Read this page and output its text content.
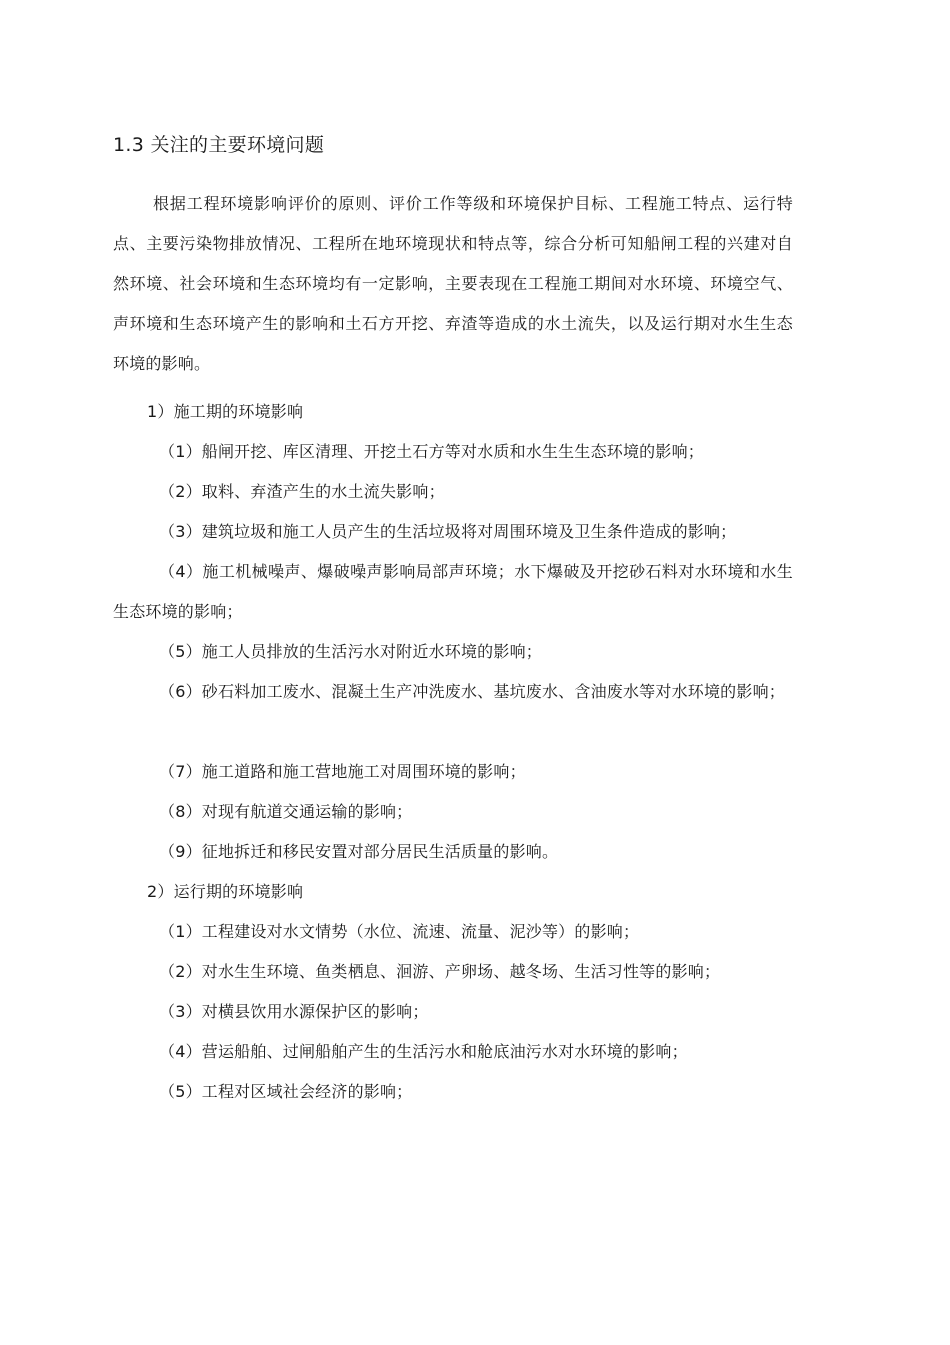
1.3 关注的主要环境问题
根据工程环境影响评价的原则、评价工作等级和环境保护目标、工程施工特点、运行特点、主要污染物排放情况、工程所在地环境现状和特点等，综合分析可知船闸工程的兴建对自然环境、社会环境和生态环境均有一定影响，主要表现在工程施工期间对水环境、环境空气、声环境和生态环境产生的影响和土石方开挖、弃渣等造成的水土流失，以及运行期对水生生态环境的影响。
1）施工期的环境影响
（1）船闸开挖、库区清理、开挖土石方等对水质和水生生生态环境的影响；
（2）取料、弃渣产生的水土流失影响；
（3）建筑垃圾和施工人员产生的生活垃圾将对周围环境及卫生条件造成的影响；
（4）施工机械噪声、爆破噪声影响局部声环境；水下爆破及开挖砂石料对水环境和水生生态环境的影响；
（5）施工人员排放的生活污水对附近水环境的影响；
（6）砂石料加工废水、混凝土生产冲洗废水、基坑废水、含油废水等对水环境的影响；
（7）施工道路和施工营地施工对周围环境的影响；
（8）对现有航道交通运输的影响；
（9）征地拆迁和移民安置对部分居民生活质量的影响。
2）运行期的环境影响
（1）工程建设对水文情势（水位、流速、流量、泥沙等）的影响；
（2）对水生生环境、鱼类栖息、洄游、产卵场、越冬场、生活习性等的影响；
（3）对横县饮用水源保护区的影响；
（4）营运船舶、过闸船舶产生的生活污水和舱底油污水对水环境的影响；
（5）工程对区域社会经济的影响；
